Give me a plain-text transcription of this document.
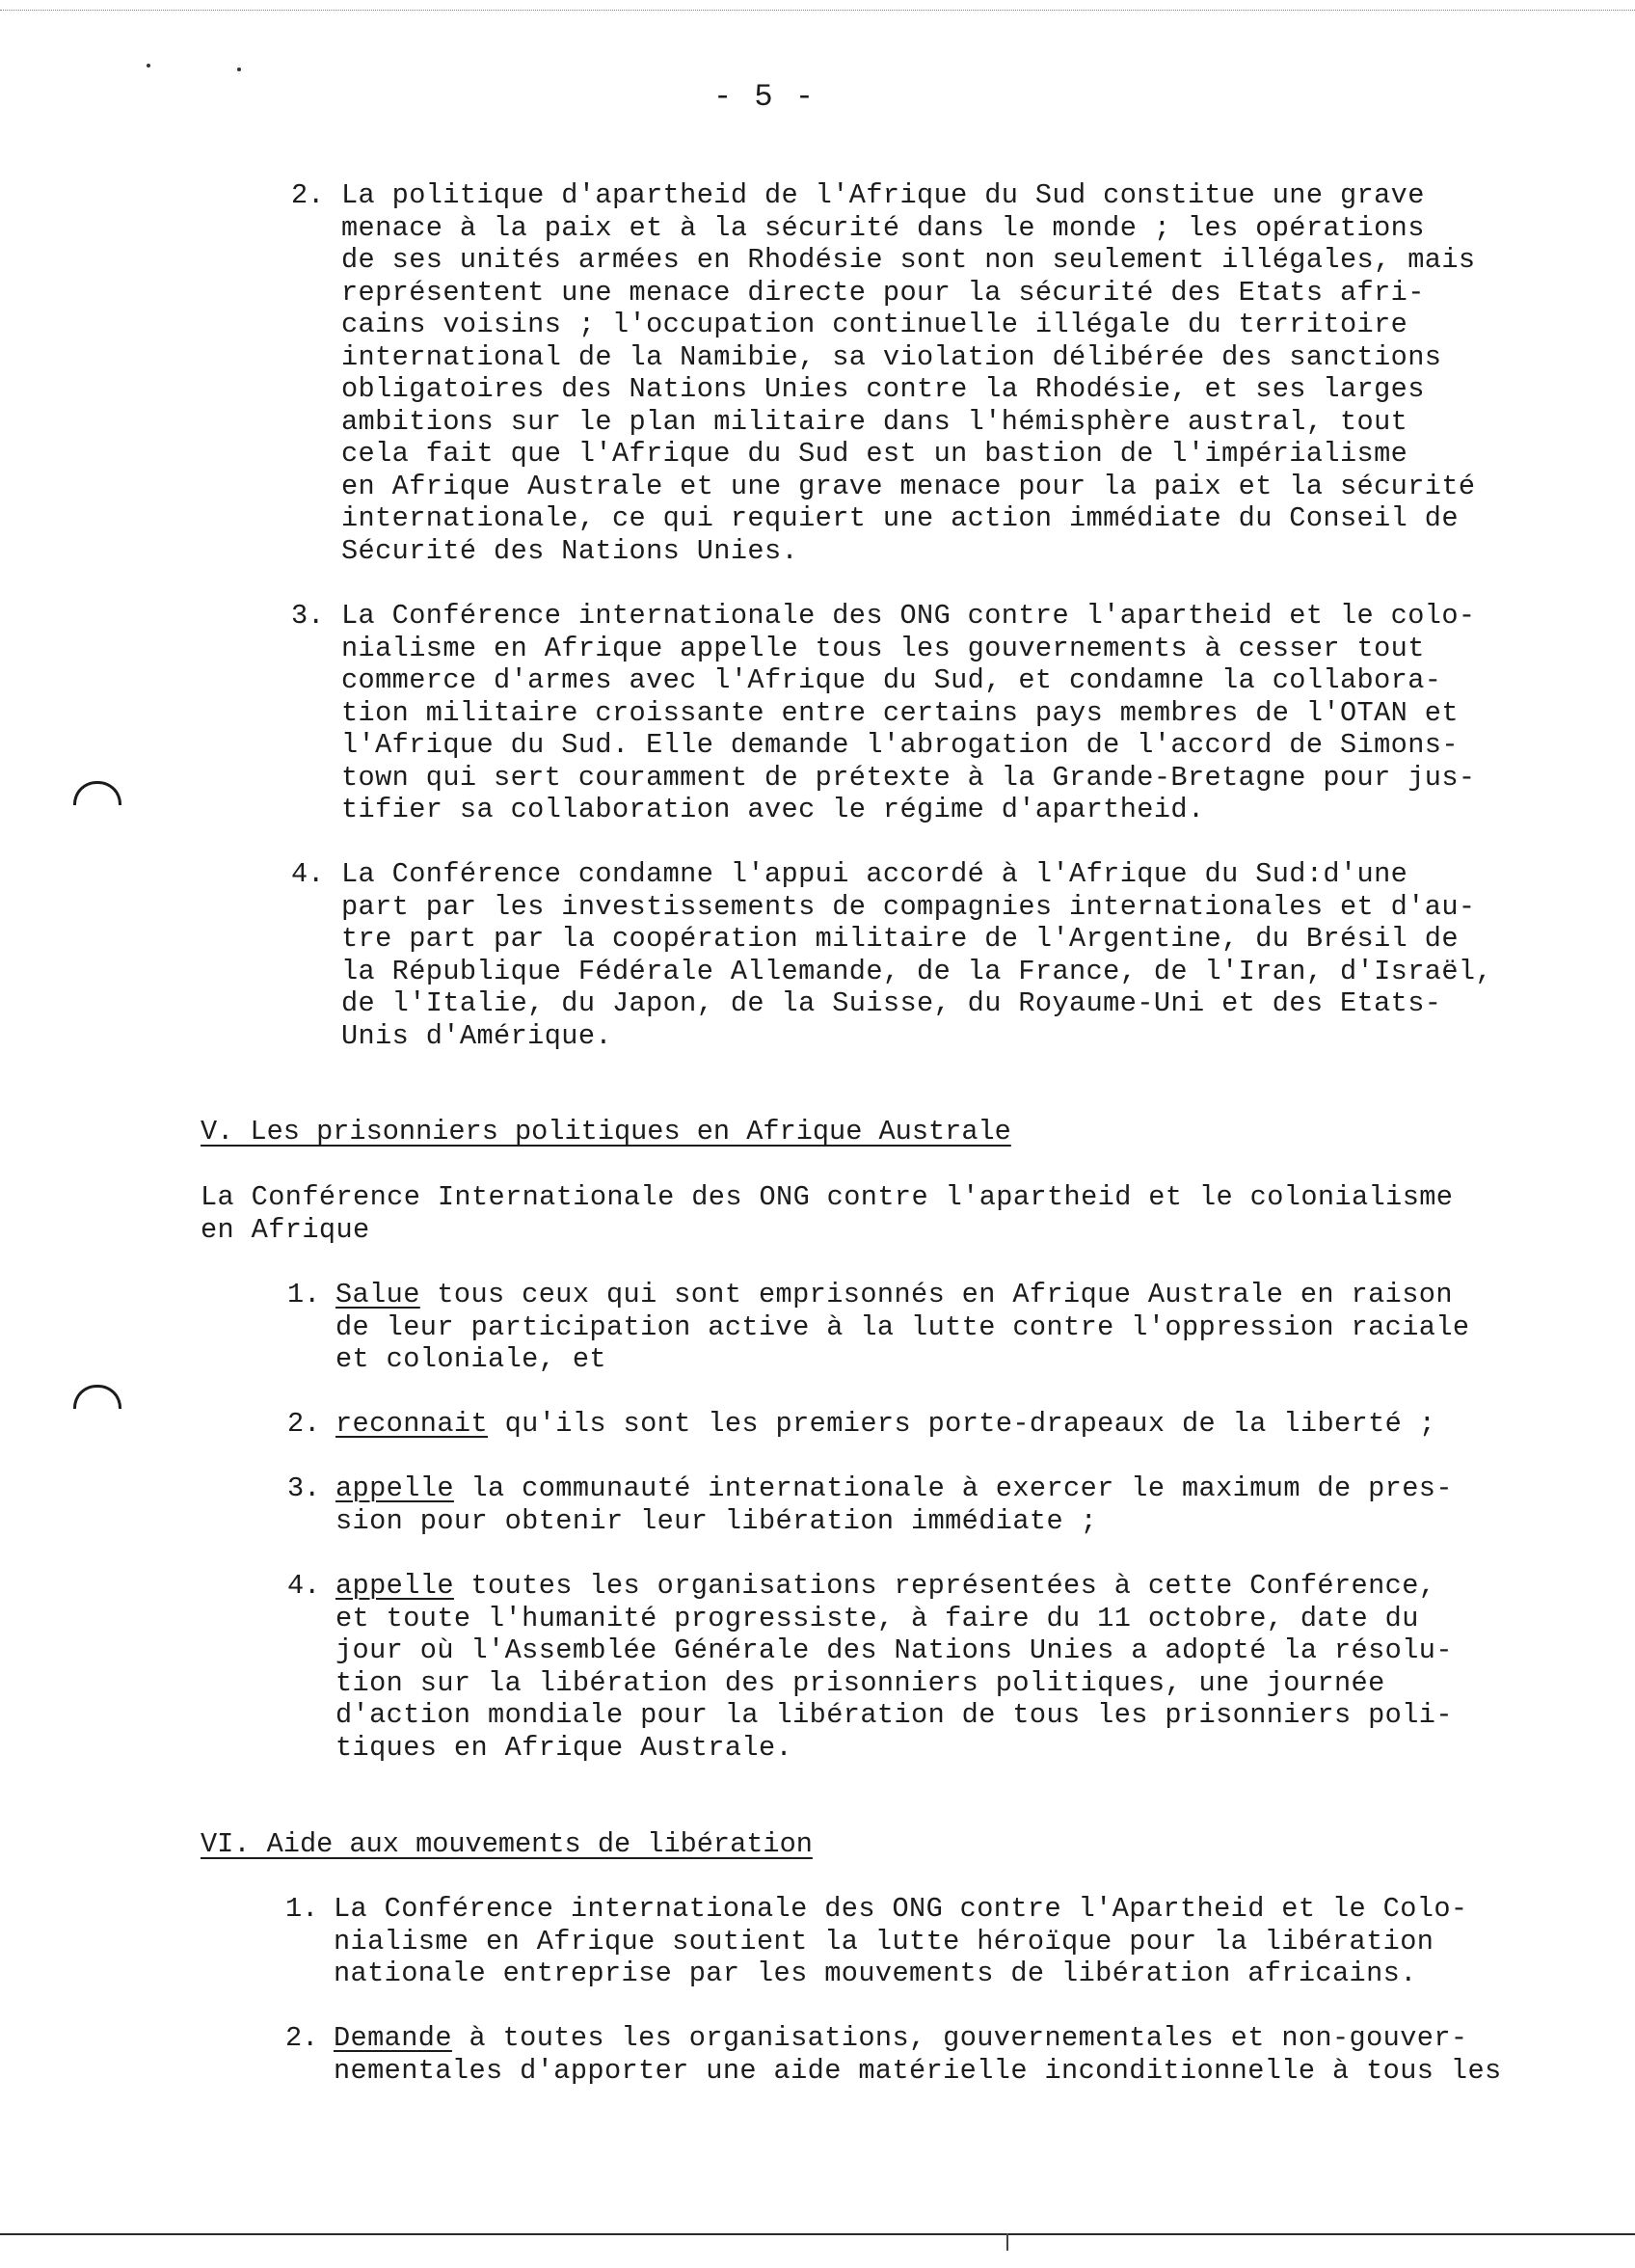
- 5 -
2. La politique d'apartheid de l'Afrique du Sud constitue une grave
menace à la paix et à la sécurité dans le monde ; les opérations
de ses unités armées en Rhodésie sont non seulement illégales, mais
représentent une menace directe pour la sécurité des Etats afri-
cains voisins ; l'occupation continuelle illégale du territoire
international de la Namibie, sa violation délibérée des sanctions
obligatoires des Nations Unies contre la Rhodésie, et ses larges
ambitions sur le plan militaire dans l'hémisphère austral, tout
cela fait que l'Afrique du Sud est un bastion de l'impérialisme
en Afrique Australe et une grave menace pour la paix et la sécurité
internationale, ce qui requiert une action immédiate du Conseil de
Sécurité des Nations Unies.
3. La Conférence internationale des ONG contre l'apartheid et le colo-
nialisme en Afrique appelle tous les gouvernements à cesser tout
commerce d'armes avec l'Afrique du Sud, et condamne la collabora-
tion militaire croissante entre certains pays membres de l'OTAN et
l'Afrique du Sud. Elle demande l'abrogation de l'accord de Simons-
town qui sert couramment de prétexte à la Grande-Bretagne pour jus-
tifier sa collaboration avec le régime d'apartheid.
4. La Conférence condamne l'appui accordé à l'Afrique du Sud:d'une
part par les investissements de compagnies internationales et d'au-
tre part par la coopération militaire de l'Argentine, du Brésil de
la République Fédérale Allemande, de la France, de l'Iran, d'Israël,
de l'Italie, du Japon, de la Suisse, du Royaume-Uni et des Etats-
Unis d'Amérique.
V. Les prisonniers politiques en Afrique Australe
La Conférence Internationale des ONG contre l'apartheid et le colonialisme
en Afrique
1. Salue tous ceux qui sont emprisonnés en Afrique Australe en raison
de leur participation active à la lutte contre l'oppression raciale
et coloniale, et
2. reconnait qu'ils sont les premiers porte-drapeaux de la liberté ;
3. appelle la communauté internationale à exercer le maximum de pres-
sion pour obtenir leur libération immédiate ;
4. appelle toutes les organisations représentées à cette Conférence,
et toute l'humanité progressiste, à faire du 11 octobre, date du
jour où l'Assemblée Générale des Nations Unies a adopté la résolu-
tion sur la libération des prisonniers politiques, une journée
d'action mondiale pour la libération de tous les prisonniers poli-
tiques en Afrique Australe.
VI. Aide aux mouvements de libération
1. La Conférence internationale des ONG contre l'Apartheid et le Colo-
nialisme en Afrique soutient la lutte héroïque pour la libération
nationale entreprise par les mouvements de libération africains.
2. Demande à toutes les organisations, gouvernementales et non-gouver-
nementales d'apporter une aide matérielle inconditionnelle à tous les
